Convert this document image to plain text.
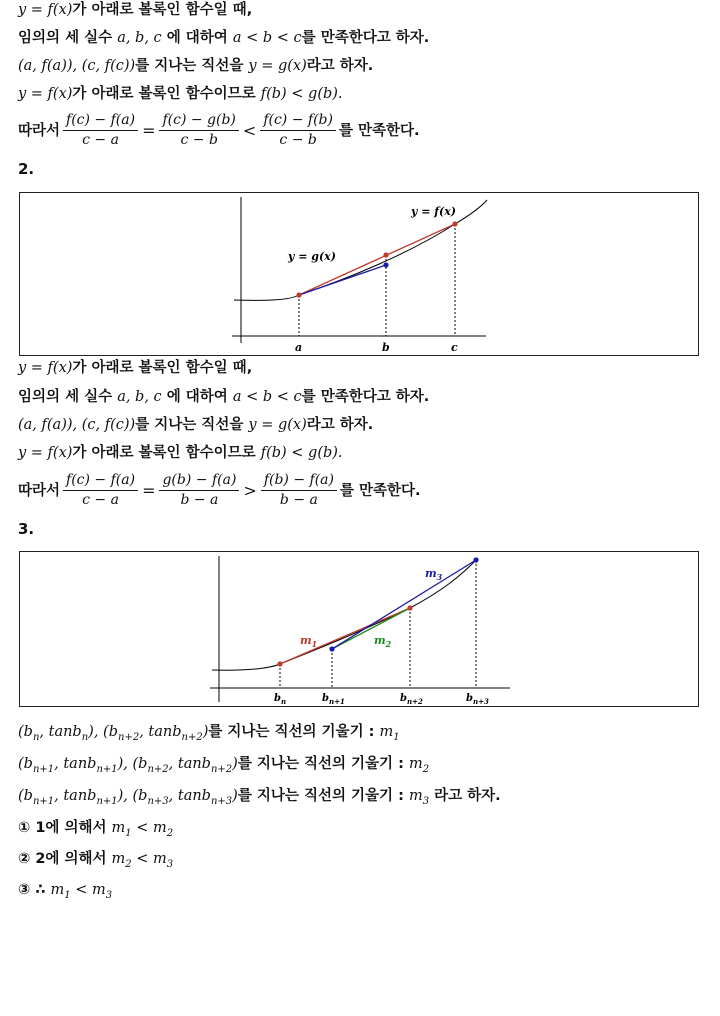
y = f(x)가 아래로 볼록인 함수일 때,
임의의 세 실수 a, b, c 에 대하여 a < b < c를 만족한다고 하자.
(a, f(a)), (c, f(c))를 지나는 직선을 y = g(x)라고 하자.
y = f(x)가 아래로 볼록인 함수이므로 f(b) < g(b).
따라서 $\frac{f(c) - f(a)}{c - a} = \frac{f(c) - g(b)}{c - b} < \frac{f(c) - f(b)}{c - b}$ 를 만족한다.
2.
y = f(x)
y = g(x)
a	b	c
y = f(x)가 아래로 볼록인 함수일 때,
임의의 세 실수 a, b, c 에 대하여 a < b < c를 만족한다고 하자.
(a, f(a)), (c, f(c))를 지나는 직선을 y = g(x)라고 하자.
y = f(x)가 아래로 볼록인 함수이므로 f(b) < g(b).
따라서 $\frac{f(c) - f(a)}{c - a} = \frac{g(b) - f(a)}{b - a} > \frac{f(b) - f(a)}{b - a}$ 를 만족한다.
3.
$m_1$	$m_2$
$m_3$
$b_n$	$b_{n+1}$	$b_{n+2}$	$b_{n+3}$
($b_n$, tanb$_n$), ($b_{n+2}$, tanb$_{n+2}$)를 지나는 직선의 기울기 : $m_1$
($b_{n+1}$, tanb$_{n+1}$), ($b_{n+2}$, tanb$_{n+2}$)를 지나는 직선의 기울기 : $m_2$
($b_{n+1}$, tanb$_{n+1}$), ($b_{n+3}$, tanb$_{n+3}$)를 지나는 직선의 기울기 : $m_3$ 라고 하자.
① 1에 의해서 $m_1 < m_2$
② 2에 의해서 $m_2 < m_3$
③ ∴ $m_1 < m_3$
